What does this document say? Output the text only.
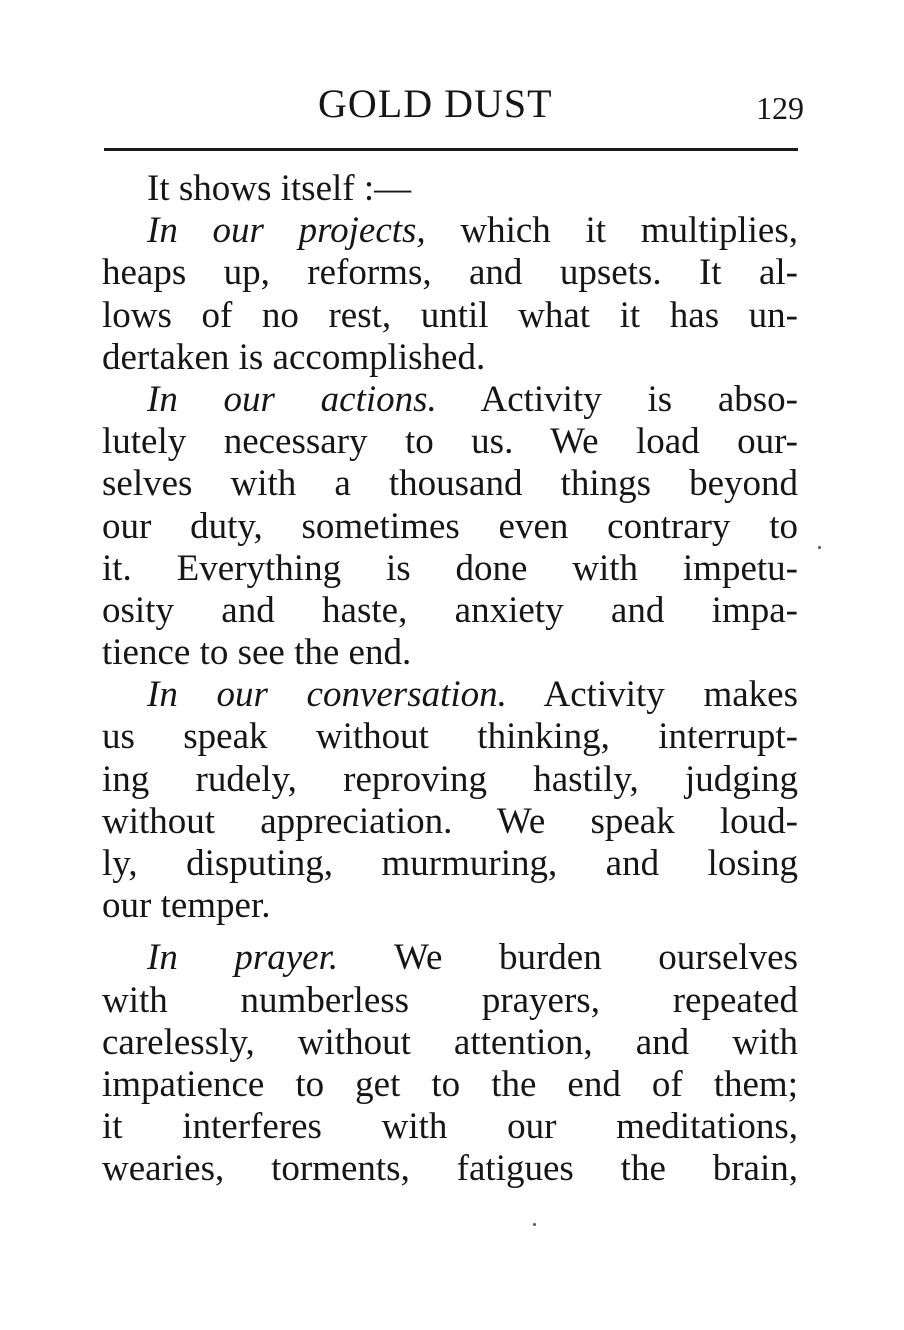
GOLD DUST	129
It shows itself :—
In our projects, which it multiplies,
heaps up, reforms, and upsets. It al-
lows of no rest, until what it has un-
dertaken is accomplished.
In our actions. Activity is abso-
lutely necessary to us. We load our-
selves with a thousand things beyond
our duty, sometimes even contrary to
it. Everything is done with impetu-
osity and haste, anxiety and impa-
tience to see the end.
In our conversation. Activity makes
us speak without thinking, interrupt-
ing rudely, reproving hastily, judging
without appreciation. We speak loud-
ly, disputing, murmuring, and losing
our temper.
In prayer. We burden ourselves
with numberless prayers, repeated
carelessly, without attention, and with
impatience to get to the end of them;
it interferes with our meditations,
wearies, torments, fatigues the brain,
